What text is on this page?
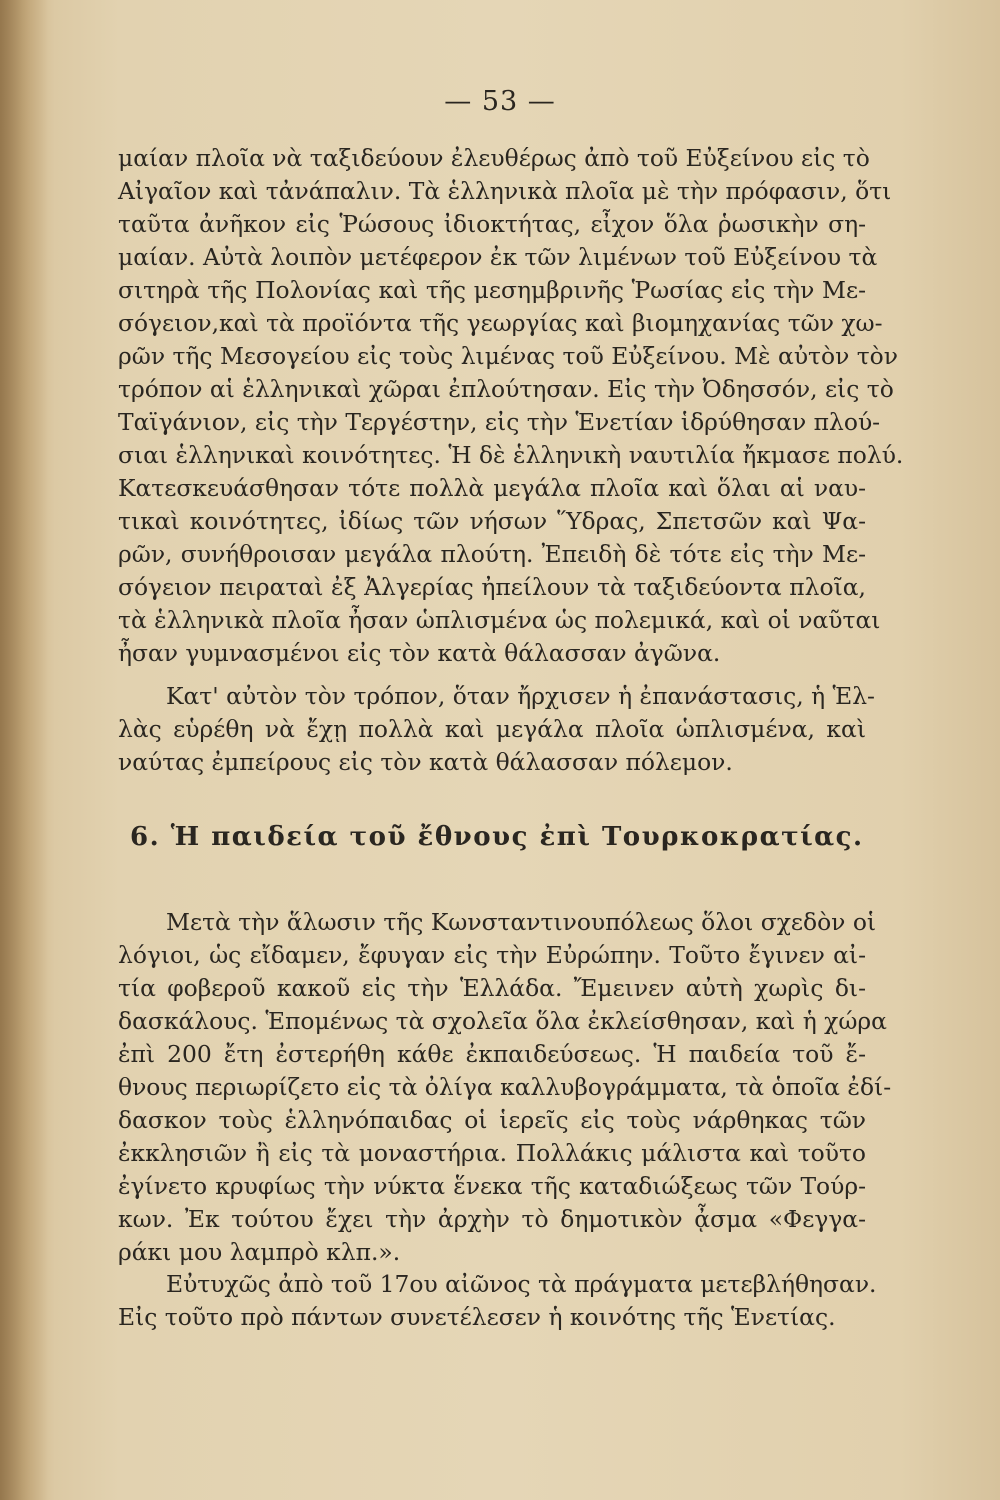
— 53 —
μαίαν πλοῖα νὰ ταξιδεύουν ἐλευθέρως ἀπὸ τοῦ Εὐξείνου εἰς τὸ
Αἰγαῖον καὶ τἀνάπαλιν. Τὰ ἑλληνικὰ πλοῖα μὲ τὴν πρόφασιν, ὅτι
ταῦτα ἀνῆκον εἰς Ῥώσους ἰδιοκτήτας, εἶχον ὅλα ῥωσικὴν ση-
μαίαν. Αὐτὰ λοιπὸν μετέφερον ἐκ τῶν λιμένων τοῦ Εὐξείνου τὰ
σιτηρὰ τῆς Πολονίας καὶ τῆς μεσημβρινῆς Ῥωσίας εἰς τὴν Με-
σόγειον,καὶ τὰ προϊόντα τῆς γεωργίας καὶ βιομηχανίας τῶν χω-
ρῶν τῆς Μεσογείου εἰς τοὺς λιμένας τοῦ Εὐξείνου. Μὲ αὐτὸν τὸν
τρόπον αἱ ἑλληνικαὶ χῶραι ἐπλούτησαν. Εἰς τὴν Ὀδησσόν, εἰς τὸ
Ταϊγάνιον, εἰς τὴν Τεργέστην, εἰς τὴν Ἑνετίαν ἱδρύθησαν πλού-
σιαι ἑλληνικαὶ κοινότητες. Ἡ δὲ ἑλληνικὴ ναυτιλία ἤκμασε πολύ.
Κατεσκευάσθησαν τότε πολλὰ μεγάλα πλοῖα καὶ ὅλαι αἱ ναυ-
τικαὶ κοινότητες, ἰδίως τῶν νήσων Ὕδρας, Σπετσῶν καὶ Ψα-
ρῶν, συνήθροισαν μεγάλα πλούτη. Ἐπειδὴ δὲ τότε εἰς τὴν Με-
σόγειον πειραταὶ ἐξ Ἀλγερίας ἠπείλουν τὰ ταξιδεύοντα πλοῖα,
τὰ ἑλληνικὰ πλοῖα ἦσαν ὡπλισμένα ὡς πολεμικά, καὶ οἱ ναῦται
ἦσαν γυμνασμένοι εἰς τὸν κατὰ θάλασσαν ἀγῶνα.
Κατ' αὐτὸν τὸν τρόπον, ὅταν ἤρχισεν ἡ ἐπανάστασις, ἡ Ἑλ-
λὰς εὑρέθη νὰ ἔχῃ πολλὰ καὶ μεγάλα πλοῖα ὡπλισμένα, καὶ
ναύτας ἐμπείρους εἰς τὸν κατὰ θάλασσαν πόλεμον.
6. Ἡ παιδεία τοῦ ἔθνους ἐπὶ Τουρκοκρατίας.
Μετὰ τὴν ἅλωσιν τῆς Κωνσταντινουπόλεως ὅλοι σχεδὸν οἱ
λόγιοι, ὡς εἴδαμεν, ἔφυγαν εἰς τὴν Εὐρώπην. Τοῦτο ἔγινεν αἰ-
τία φοβεροῦ κακοῦ εἰς τὴν Ἑλλάδα. Ἔμεινεν αὐτὴ χωρὶς δι-
δασκάλους. Ἑπομένως τὰ σχολεῖα ὅλα ἐκλείσθησαν, καὶ ἡ χώρα
ἐπὶ 200 ἔτη ἐστερήθη κάθε ἐκπαιδεύσεως. Ἡ παιδεία τοῦ ἔ-
θνους περιωρίζετο εἰς τὰ ὀλίγα καλλυβογράμματα, τὰ ὁποῖα ἐδί-
δασκον τοὺς ἑλληνόπαιδας οἱ ἱερεῖς εἰς τοὺς νάρθηκας τῶν
ἐκκλησιῶν ἢ εἰς τὰ μοναστήρια. Πολλάκις μάλιστα καὶ τοῦτο
ἐγίνετο κρυφίως τὴν νύκτα ἕνεκα τῆς καταδιώξεως τῶν Τούρ-
κων. Ἐκ τούτου ἔχει τὴν ἀρχὴν τὸ δημοτικὸν ᾆσμα «Φεγγα-
ράκι μου λαμπρὸ κλπ.».
Εὐτυχῶς ἀπὸ τοῦ 17ου αἰῶνος τὰ πράγματα μετεβλήθησαν.
Εἰς τοῦτο πρὸ πάντων συνετέλεσεν ἡ κοινότης τῆς Ἑνετίας.
